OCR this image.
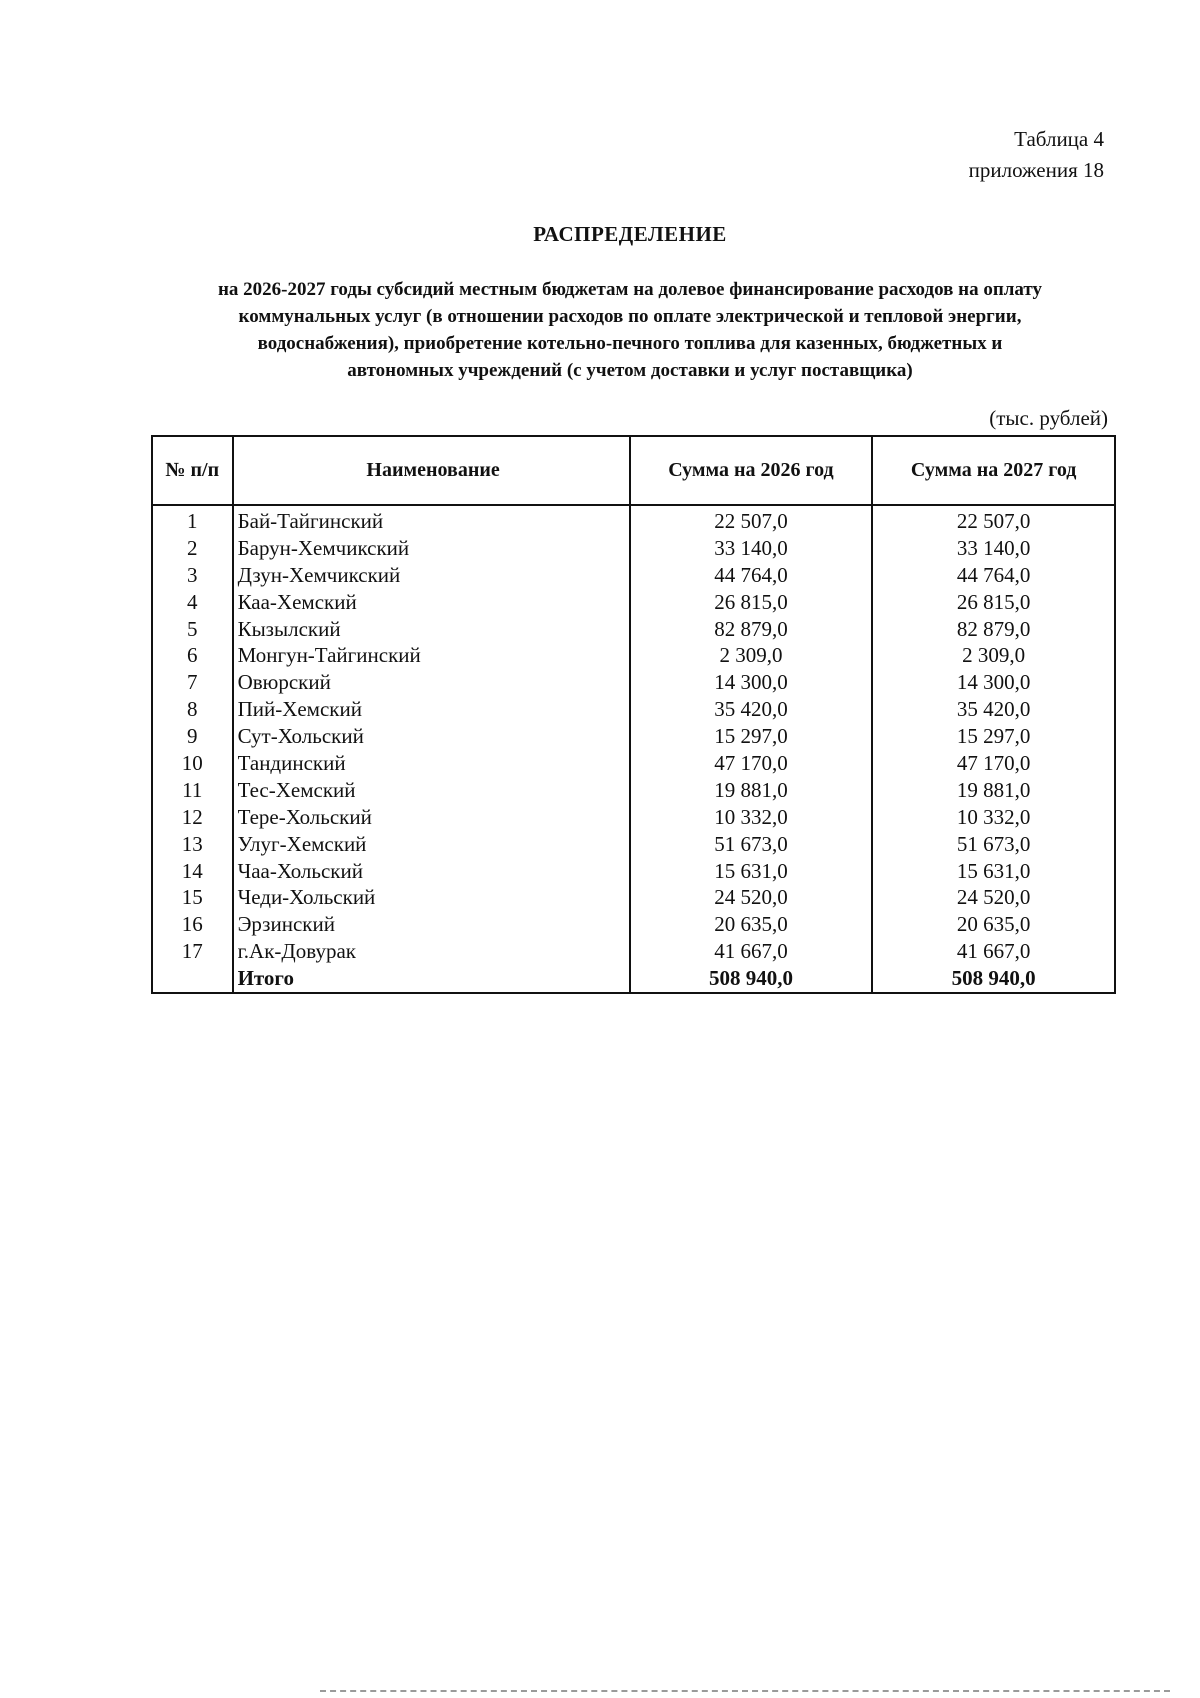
Таблица 4
приложения 18
РАСПРЕДЕЛЕНИЕ
на 2026-2027 годы субсидий местным бюджетам на долевое финансирование расходов на оплату
коммунальных услуг (в отношении расходов по оплате электрической и тепловой энергии,
водоснабжения), приобретение котельно-печного топлива для казенных, бюджетных и
автономных учреждений (с учетом доставки и услуг поставщика)
(тыс. рублей)
№ п/п	Наименование	Сумма на 2026 год	Сумма на 2027 год
1	Бай-Тайгинский	22 507,0	22 507,0
2	Барун-Хемчикский	33 140,0	33 140,0
3	Дзун-Хемчикский	44 764,0	44 764,0
4	Каа-Хемский	26 815,0	26 815,0
5	Кызылский	82 879,0	82 879,0
6	Монгун-Тайгинский	2 309,0	2 309,0
7	Овюрский	14 300,0	14 300,0
8	Пий-Хемский	35 420,0	35 420,0
9	Сут-Хольский	15 297,0	15 297,0
10	Тандинский	47 170,0	47 170,0
11	Тес-Хемский	19 881,0	19 881,0
12	Тере-Хольский	10 332,0	10 332,0
13	Улуг-Хемский	51 673,0	51 673,0
14	Чаа-Хольский	15 631,0	15 631,0
15	Чеди-Хольский	24 520,0	24 520,0
16	Эрзинский	20 635,0	20 635,0
17	г.Ак-Довурак	41 667,0	41 667,0
	Итого	508 940,0	508 940,0
